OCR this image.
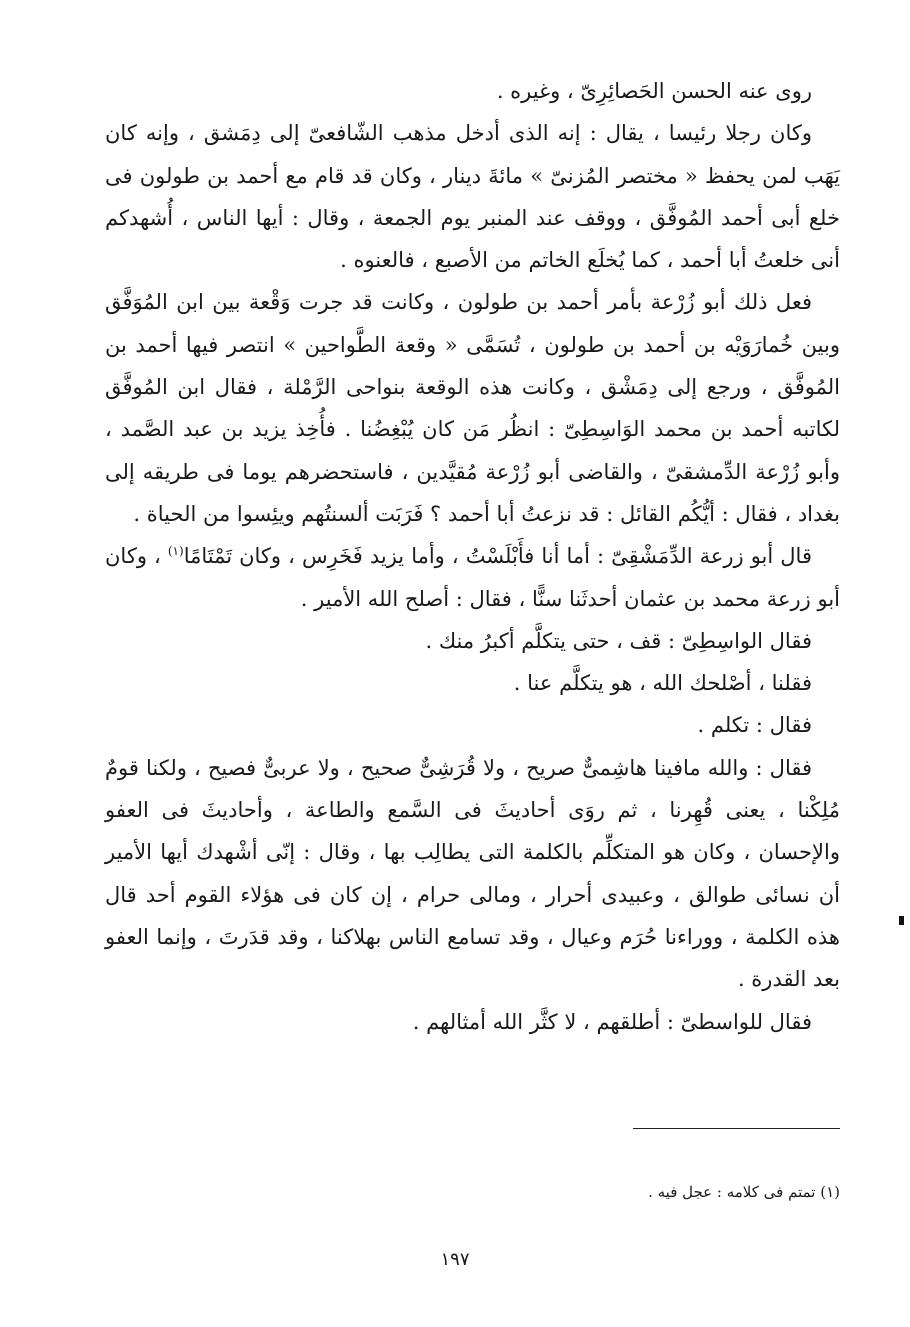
روى عنه الحسن الحَصائِرِىّ ، وغيره .

وكان رجلا رئيسا ، يقال : إنه الذى أدخل مذهب الشّافعىّ إلى دِمَشق ، وإنه كان يَهَب لمن يحفظ « مختصر المُزنىّ » مائةَ دينار ، وكان قد قام مع أحمد بن طولون فى خلع أبى أحمد المُوفَّق ، ووقف عند المنبر يوم الجمعة ، وقال : أيها الناس ، أُشهدكم أنى خلعتُ أبا أحمد ، كما يُخلَع الخاتم من الأصبع ، فالعنوه .

فعل ذلك أبو زُرْعة بأمر أحمد بن طولون ، وكانت قد جرت وَقْعة بين ابن المُوَفَّق وبين خُمارَوَيْه بن أحمد بن طولون ، تُسَمَّى « وقعة الطَّواحين » انتصر فيها أحمد بن المُوفَّق ، ورجع إلى دِمَشْق ، وكانت هذه الوقعة بنواحى الرَّمْلة ، فقال ابن المُوفَّق لكاتبه أحمد بن محمد الوَاسِطِىّ : انظُر مَن كان يُبْغِضُنا . فأُخِذ يزيد بن عبد الصَّمد ، وأبو زُرْعة الدِّمشقىّ ، والقاضى أبو زُرْعة مُقيَّدين ، فاستحضرهم يوما فى طريقه إلى بغداد ، فقال : أيُّكُم القائل : قد نزعتُ أبا أحمد ؟ فَرَبَت ألسنتُهم ويئِسوا من الحياة .

قال أبو زرعة الدِّمَشْقِىّ : أما أنا فأَبْلَسْتُ ، وأما يزيد فَخَرِس ، وكان تَمْتَامًا$^{(١)}$ ، وكان أبو زرعة محمد بن عثمان أحدثَنا سنًّا ، فقال : أصلح الله الأمير .

فقال الواسِطِىّ : قف ، حتى يتكلَّم أكبرُ منك .

فقلنا ، أصْلحك الله ، هو يتكلَّم عنا .

فقال : تكلم .

فقال : والله مافينا هاشِمىٌّ صريح ، ولا قُرَشِىٌّ صحيح ، ولا عربىٌّ فصيح ، ولكنا قومٌ مُلِكْنا ، يعنى قُهِرنا ، ثم روَى أحاديثَ فى السَّمع والطاعة ، وأحاديثَ فى العفو والإحسان ، وكان هو المتكلِّم بالكلمة التى يطالِب بها ، وقال : إنّى أشْهدك أيها الأمير أن نسائى طوالق ، وعبيدى أحرار ، ومالى حرام ، إن كان فى هؤلاء القوم أحد قال هذه الكلمة ، ووراءنا حُرَم وعيال ، وقد تسامع الناس بهلاكنا ، وقد قدَرتَ ، وإنما العفو بعد القدرة .

فقال للواسطىّ : أطلقهم ، لا كثَّر الله أمثالهم .

(١) تمتم فى كلامه : عجل فيه .
١٩٧
